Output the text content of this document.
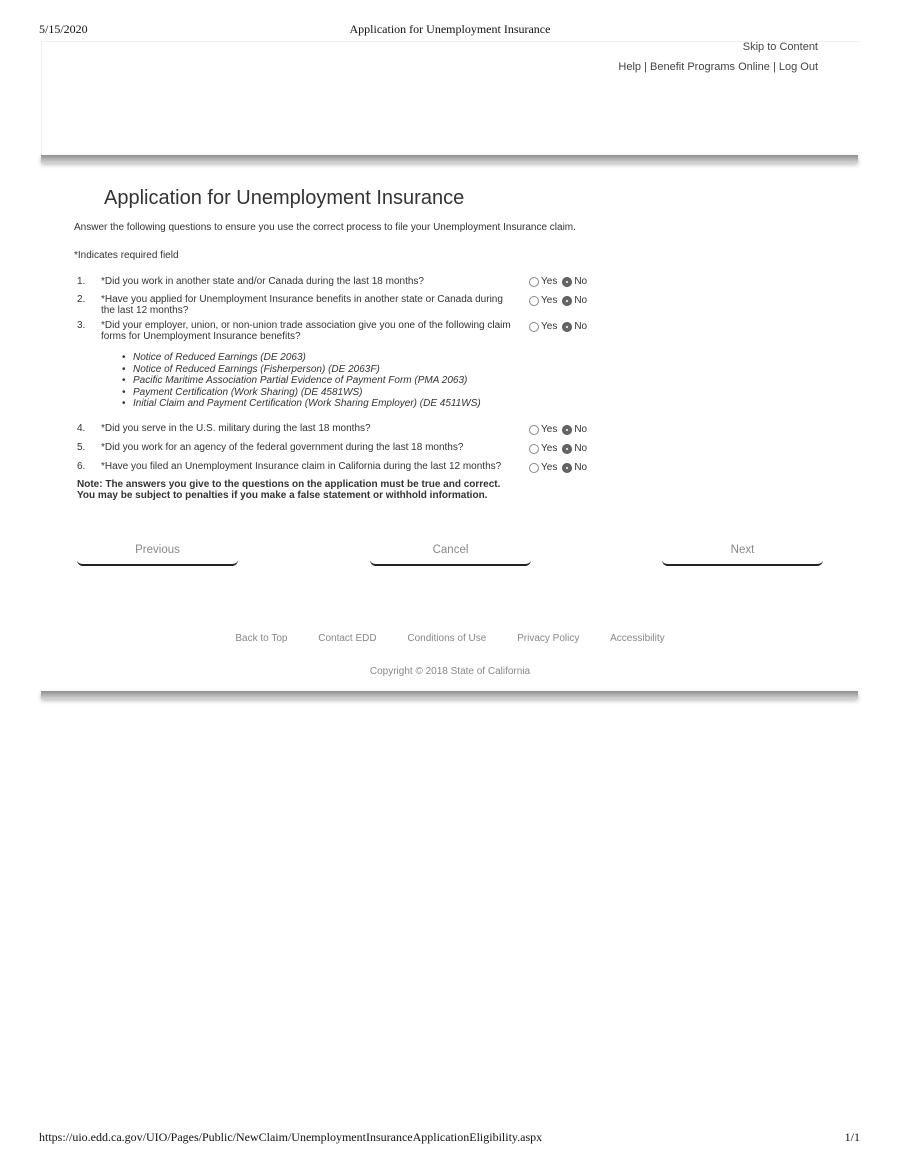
5/15/2020	Application for Unemployment Insurance
Skip to Content
Help | Benefit Programs Online | Log Out
Application for Unemployment Insurance
Answer the following questions to ensure you use the correct process to file your Unemployment Insurance claim.
*Indicates required field
1. *Did you work in another state and/or Canada during the last 18 months?	Yes No
2. *Have you applied for Unemployment Insurance benefits in another state or Canada during the last 12 months?
Yes No
3. *Did your employer, union, or non-union trade association give you one of the following claim forms for Unemployment Insurance benefits?
Yes No
• Notice of Reduced Earnings (DE 2063)
• Notice of Reduced Earnings (Fisherperson) (DE 2063F)
• Pacific Maritime Association Partial Evidence of Payment Form (PMA 2063)
• Payment Certification (Work Sharing) (DE 4581WS)
• Initial Claim and Payment Certification (Work Sharing Employer) (DE 4511WS)
4. *Did you serve in the U.S. military during the last 18 months?	Yes No
5. *Did you work for an agency of the federal government during the last 18 months?	Yes No
6. *Have you filed an Unemployment Insurance claim in California during the last 12 months?	Yes No
Note: The answers you give to the questions on the application must be true and correct.
You may be subject to penalties if you make a false statement or withhold information.
Previous	Cancel	Next
Back to Top	Contact EDD	Conditions of Use	Privacy Policy	Accessibility
Copyright © 2018 State of California
https://uio.edd.ca.gov/UIO/Pages/Public/NewClaim/UnemploymentInsuranceApplicationEligibility.aspx	1/1
